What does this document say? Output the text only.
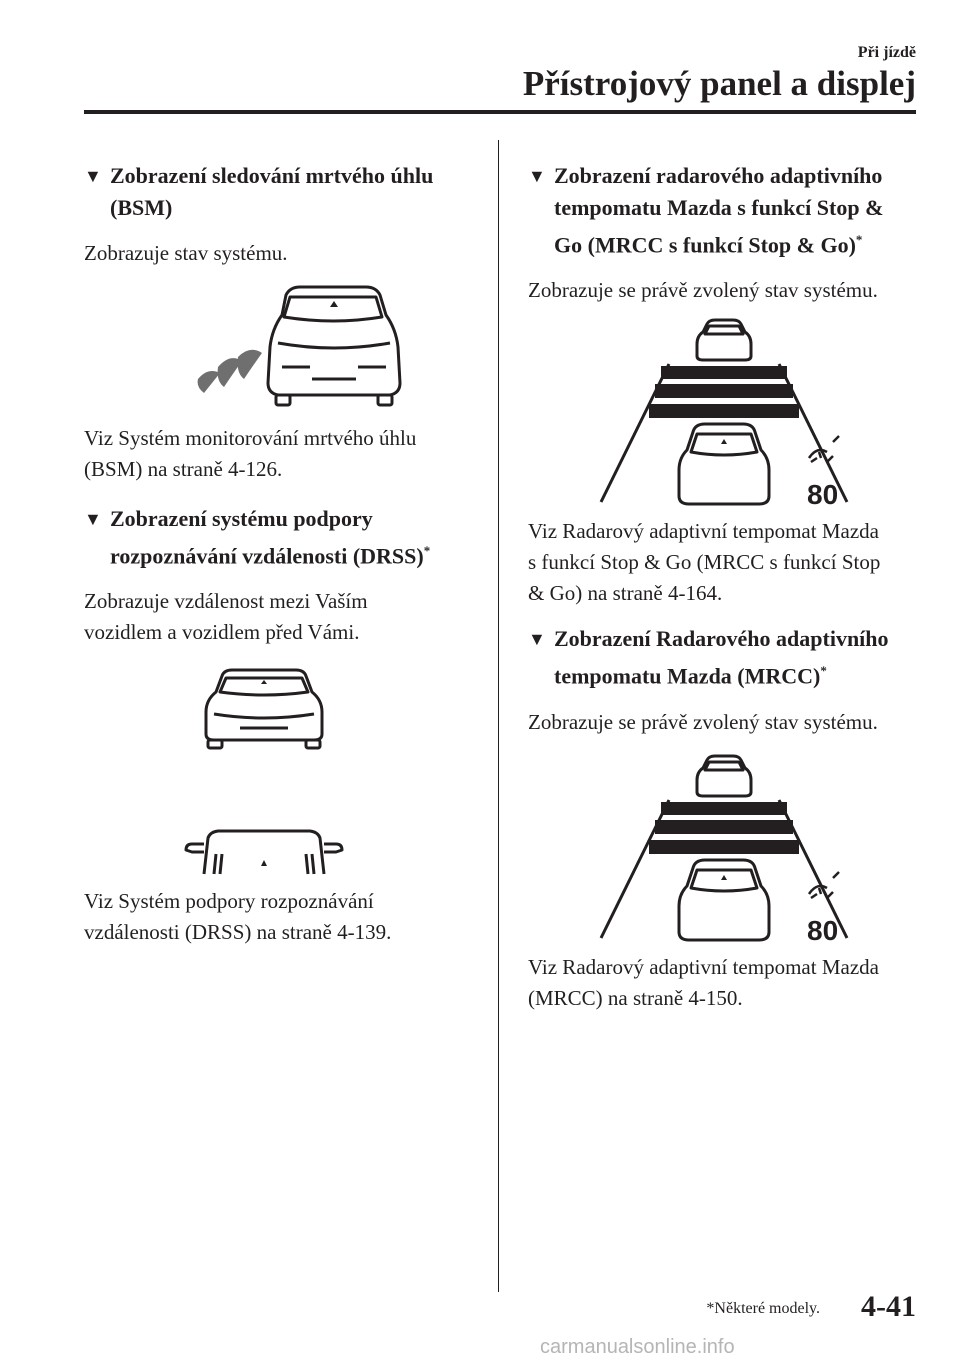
Při jízdě
Přístrojový panel a displej
▼ Zobrazení sledování mrtvého úhlu
(BSM)

Zobrazuje stav systému.

Viz Systém monitorování mrtvého úhlu
(BSM) na straně 4-126.

▼ Zobrazení systému podpory
rozpoznávání vzdálenosti (DRSS)*

Zobrazuje vzdálenost mezi Vaším
vozidlem a vozidlem před Vámi.

Viz Systém podpory rozpoznávání
vzdálenosti (DRSS) na straně 4-139.

▼ Zobrazení radarového adaptivního
tempomatu Mazda s funkcí Stop &
Go (MRCC s funkcí Stop & Go)*

Zobrazuje se právě zvolený stav systému.

80

Viz Radarový adaptivní tempomat Mazda
s funkcí Stop & Go (MRCC s funkcí Stop
& Go) na straně 4-164.

▼ Zobrazení Radarového adaptivního
tempomatu Mazda (MRCC)*

Zobrazuje se právě zvolený stav systému.

80

Viz Radarový adaptivní tempomat Mazda
(MRCC) na straně 4-150.

*Některé modely. 4-41
carmanualsonline.info
